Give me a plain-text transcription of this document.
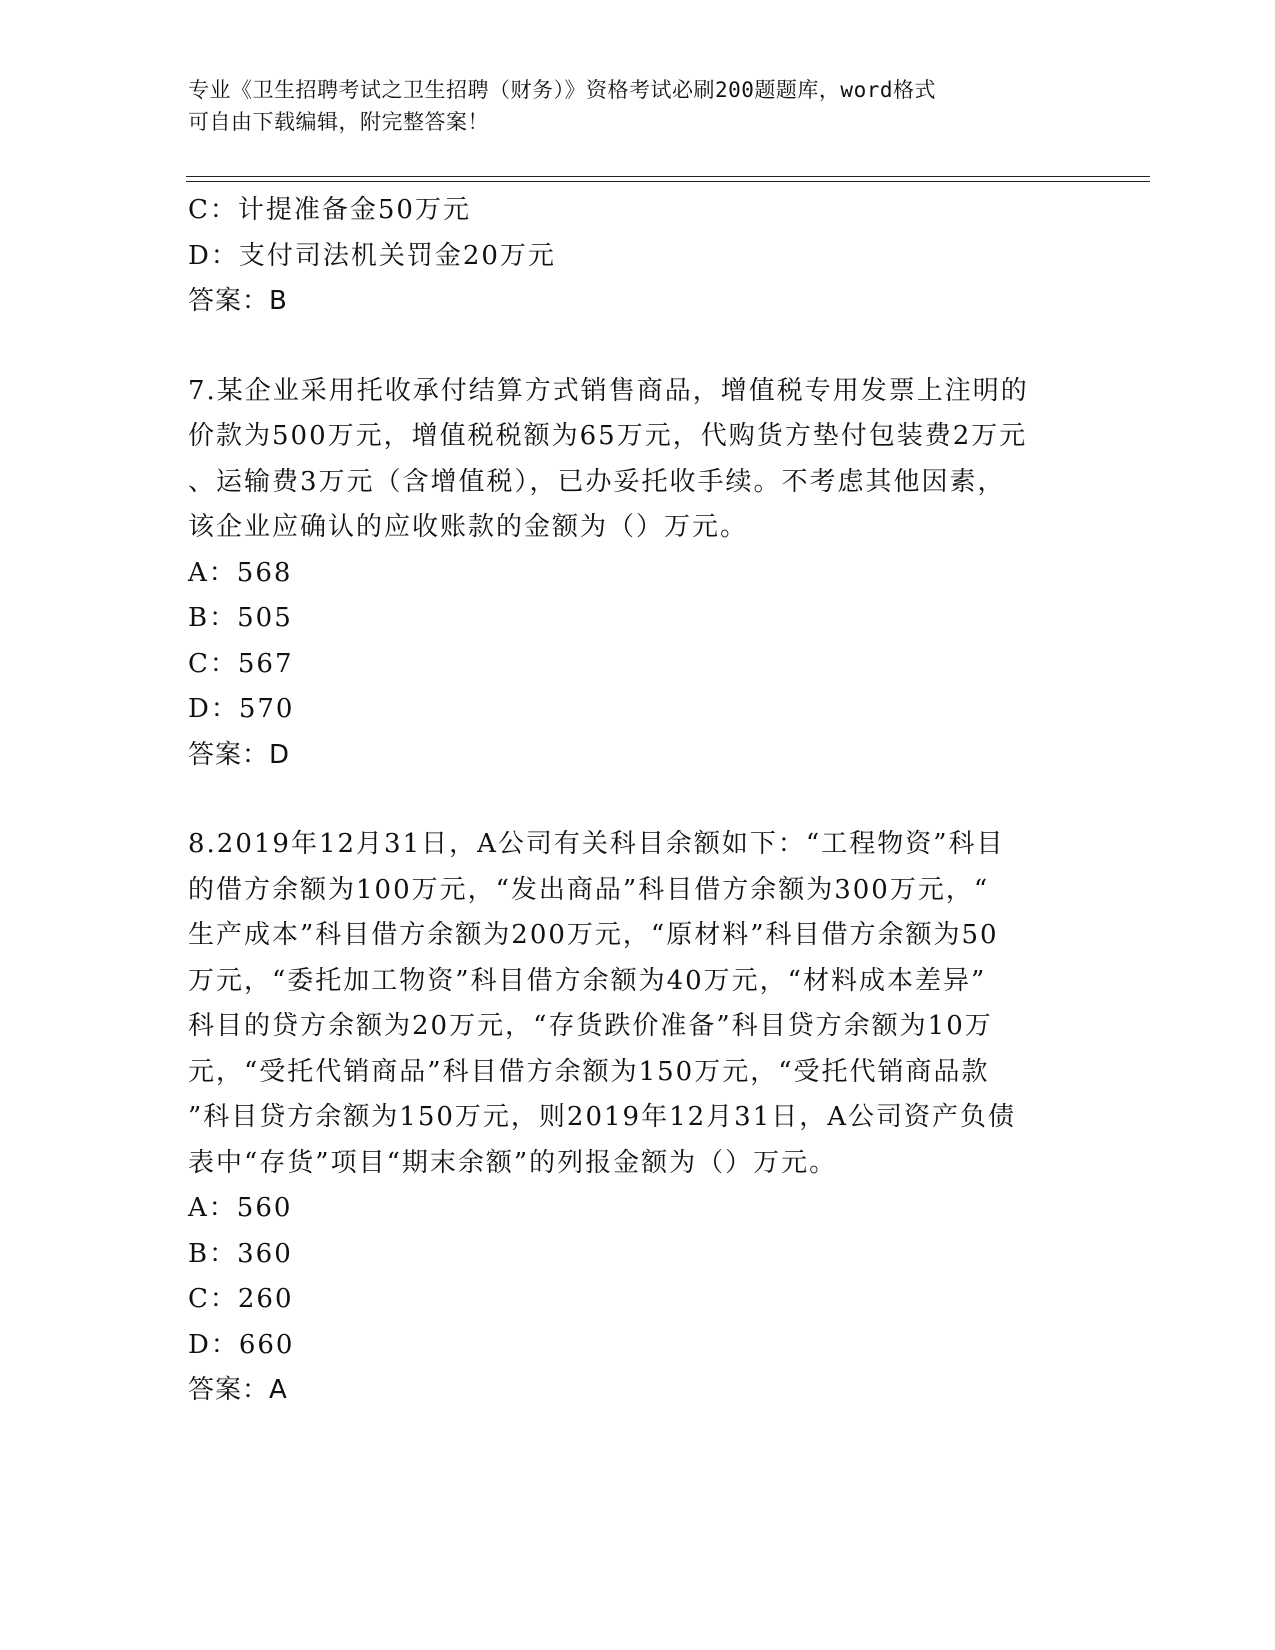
专业《卫生招聘考试之卫生招聘（财务）》资格考试必刷200题题库，word格式
可自由下载编辑，附完整答案！
C：计提准备金50万元
D：支付司法机关罚金20万元
答案：B
7.某企业采用托收承付结算方式销售商品，增值税专用发票上注明的
价款为500万元，增值税税额为65万元，代购货方垫付包装费2万元
、运输费3万元（含增值税），已办妥托收手续。不考虑其他因素，
该企业应确认的应收账款的金额为（）万元。
A：568
B：505
C：567
D：570
答案：D
8.2019年12月31日，A公司有关科目余额如下：“工程物资”科目
的借方余额为100万元，“发出商品”科目借方余额为300万元，“
生产成本”科目借方余额为200万元，“原材料”科目借方余额为50
万元，“委托加工物资”科目借方余额为40万元，“材料成本差异”
科目的贷方余额为20万元，“存货跌价准备”科目贷方余额为10万
元，“受托代销商品”科目借方余额为150万元，“受托代销商品款
”科目贷方余额为150万元，则2019年12月31日，A公司资产负债
表中“存货”项目“期末余额”的列报金额为（）万元。
A：560
B：360
C：260
D：660
答案：A
